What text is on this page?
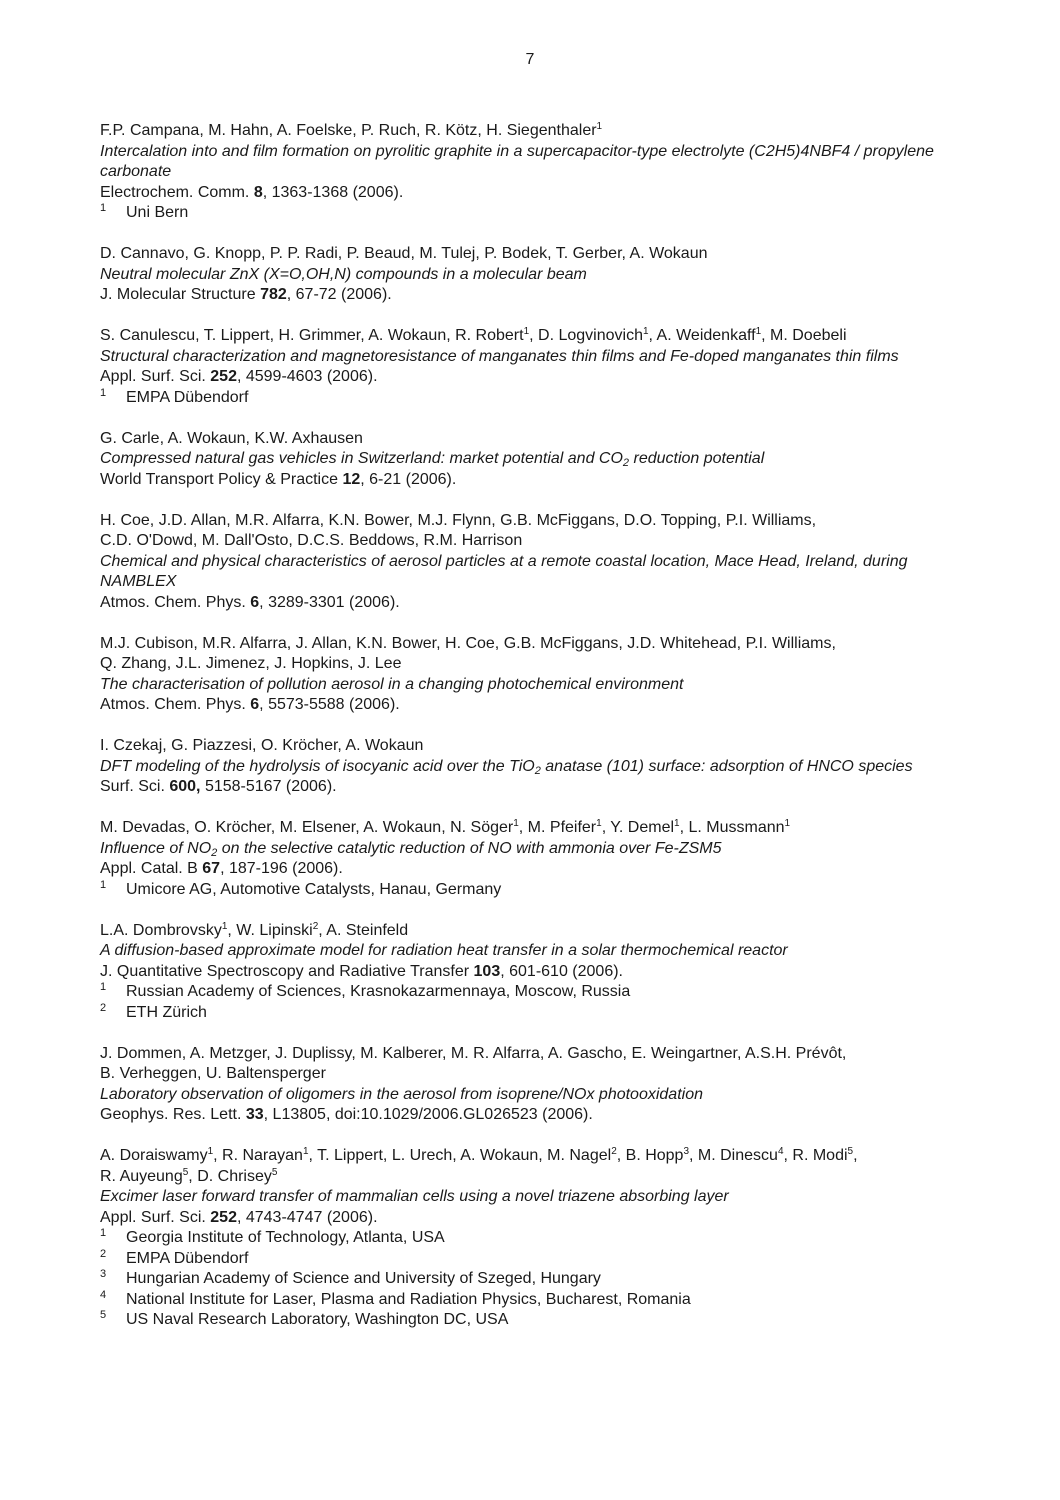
7
F.P. Campana, M. Hahn, A. Foelske, P. Ruch, R. Kötz, H. Siegenthaler$^1$
Intercalation into and film formation on pyrolitic graphite in a supercapacitor-type electrolyte (C2H5)4NBF4 / propylene carbonate
Electrochem. Comm. 8, 1363-1368 (2006).
1 Uni Bern
D. Cannavo, G. Knopp, P. P. Radi, P. Beaud, M. Tulej, P. Bodek, T. Gerber, A. Wokaun
Neutral molecular ZnX (X=O,OH,N) compounds in a molecular beam
J. Molecular Structure 782, 67-72 (2006).
S. Canulescu, T. Lippert, H. Grimmer, A. Wokaun, R. Robert$^1$, D. Logvinovich$^1$, A. Weidenkaff$^1$, M. Doebeli
Structural characterization and magnetoresistance of manganates thin films and Fe-doped manganates thin films
Appl. Surf. Sci. 252, 4599-4603 (2006).
1 EMPA Dübendorf
G. Carle, A. Wokaun, K.W. Axhausen
Compressed natural gas vehicles in Switzerland: market potential and $CO_2$ reduction potential
World Transport Policy & Practice 12, 6-21 (2006).
H. Coe, J.D. Allan, M.R. Alfarra, K.N. Bower, M.J. Flynn, G.B. McFiggans, D.O. Topping, P.I. Williams,
C.D. O'Dowd, M. Dall'Osto, D.C.S. Beddows, R.M. Harrison
Chemical and physical characteristics of aerosol particles at a remote coastal location, Mace Head, Ireland, during NAMBLEX
Atmos. Chem. Phys. 6, 3289-3301 (2006).
M.J. Cubison, M.R. Alfarra, J. Allan, K.N. Bower, H. Coe, G.B. McFiggans, J.D. Whitehead, P.I. Williams,
Q. Zhang, J.L. Jimenez, J. Hopkins, J. Lee
The characterisation of pollution aerosol in a changing photochemical environment
Atmos. Chem. Phys. 6, 5573-5588 (2006).
I. Czekaj, G. Piazzesi, O. Kröcher, A. Wokaun
DFT modeling of the hydrolysis of isocyanic acid over the TiO$_2$ anatase (101) surface: adsorption of HNCO species
Surf. Sci. 600, 5158-5167 (2006).
M. Devadas, O. Kröcher, M. Elsener, A. Wokaun, N. Söger$^1$, M. Pfeifer$^1$, Y. Demel$^1$, L. Mussmann$^1$
Influence of $NO_2$ on the selective catalytic reduction of NO with ammonia over Fe-ZSM5
Appl. Catal. B 67, 187-196 (2006).
1 Umicore AG, Automotive Catalysts, Hanau, Germany
L.A. Dombrovsky$^1$, W. Lipinski$^2$, A. Steinfeld
A diffusion-based approximate model for radiation heat transfer in a solar thermochemical reactor
J. Quantitative Spectroscopy and Radiative Transfer 103, 601-610 (2006).
1 Russian Academy of Sciences, Krasnokazarmennaya, Moscow, Russia
2 ETH Zürich
J. Dommen, A. Metzger, J. Duplissy, M. Kalberer, M. R. Alfarra, A. Gascho, E. Weingartner, A.S.H. Prévôt,
B. Verheggen, U. Baltensperger
Laboratory observation of oligomers in the aerosol from isoprene/NOx photooxidation
Geophys. Res. Lett. 33, L13805, doi:10.1029/2006.GL026523 (2006).
A. Doraiswamy$^1$, R. Narayan$^1$, T. Lippert, L. Urech, A. Wokaun, M. Nagel$^2$, B. Hopp$^3$, M. Dinescu$^4$, R. Modi$^5$,
R. Auyeung$^5$, D. Chrisey$^5$
Excimer laser forward transfer of mammalian cells using a novel triazene absorbing layer
Appl. Surf. Sci. 252, 4743-4747 (2006).
1 Georgia Institute of Technology, Atlanta, USA
2 EMPA Dübendorf
3 Hungarian Academy of Science and University of Szeged, Hungary
4 National Institute for Laser, Plasma and Radiation Physics, Bucharest, Romania
5 US Naval Research Laboratory, Washington DC, USA
